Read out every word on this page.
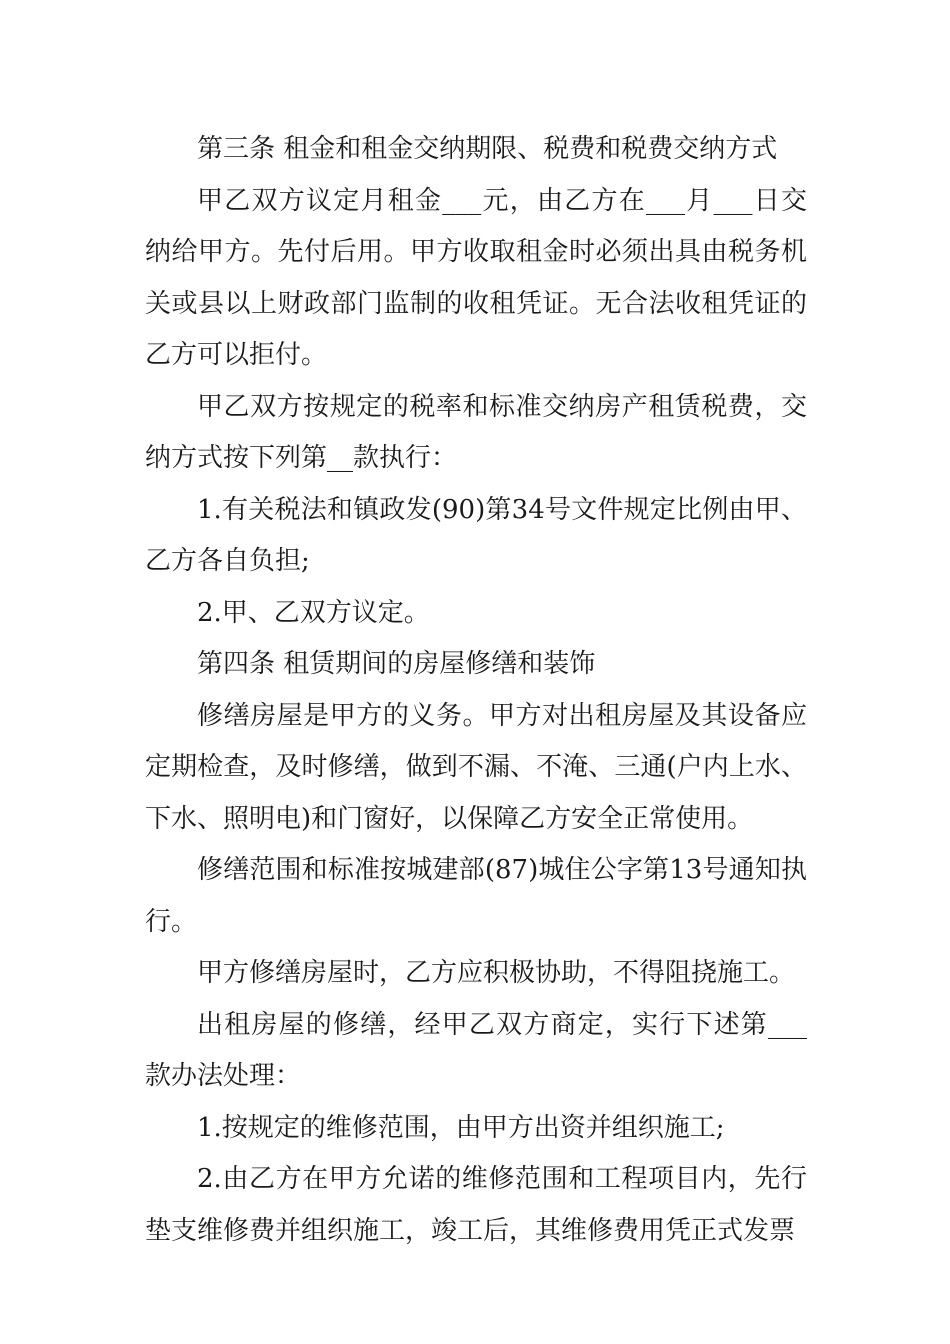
第三条 租金和租金交纳期限、税费和税费交纳方式

甲乙双方议定月租金___元，由乙方在___月___日交纳给甲方。先付后用。甲方收取租金时必须出具由税务机关或县以上财政部门监制的收租凭证。无合法收租凭证的乙方可以拒付。

甲乙双方按规定的税率和标准交纳房产租赁税费，交纳方式按下列第__款执行：

1.有关税法和镇政发(90)第34号文件规定比例由甲、乙方各自负担;

2.甲、乙双方议定。

第四条 租赁期间的房屋修缮和装饰

修缮房屋是甲方的义务。甲方对出租房屋及其设备应定期检查，及时修缮，做到不漏、不淹、三通(户内上水、下水、照明电)和门窗好，以保障乙方安全正常使用。

修缮范围和标准按城建部(87)城住公字第13号通知执行。

甲方修缮房屋时，乙方应积极协助，不得阻挠施工。

出租房屋的修缮，经甲乙双方商定，实行下述第___款办法处理：

1.按规定的维修范围，由甲方出资并组织施工;

2.由乙方在甲方允诺的维修范围和工程项目内，先行垫支维修费并组织施工，竣工后，其维修费用凭正式发票
